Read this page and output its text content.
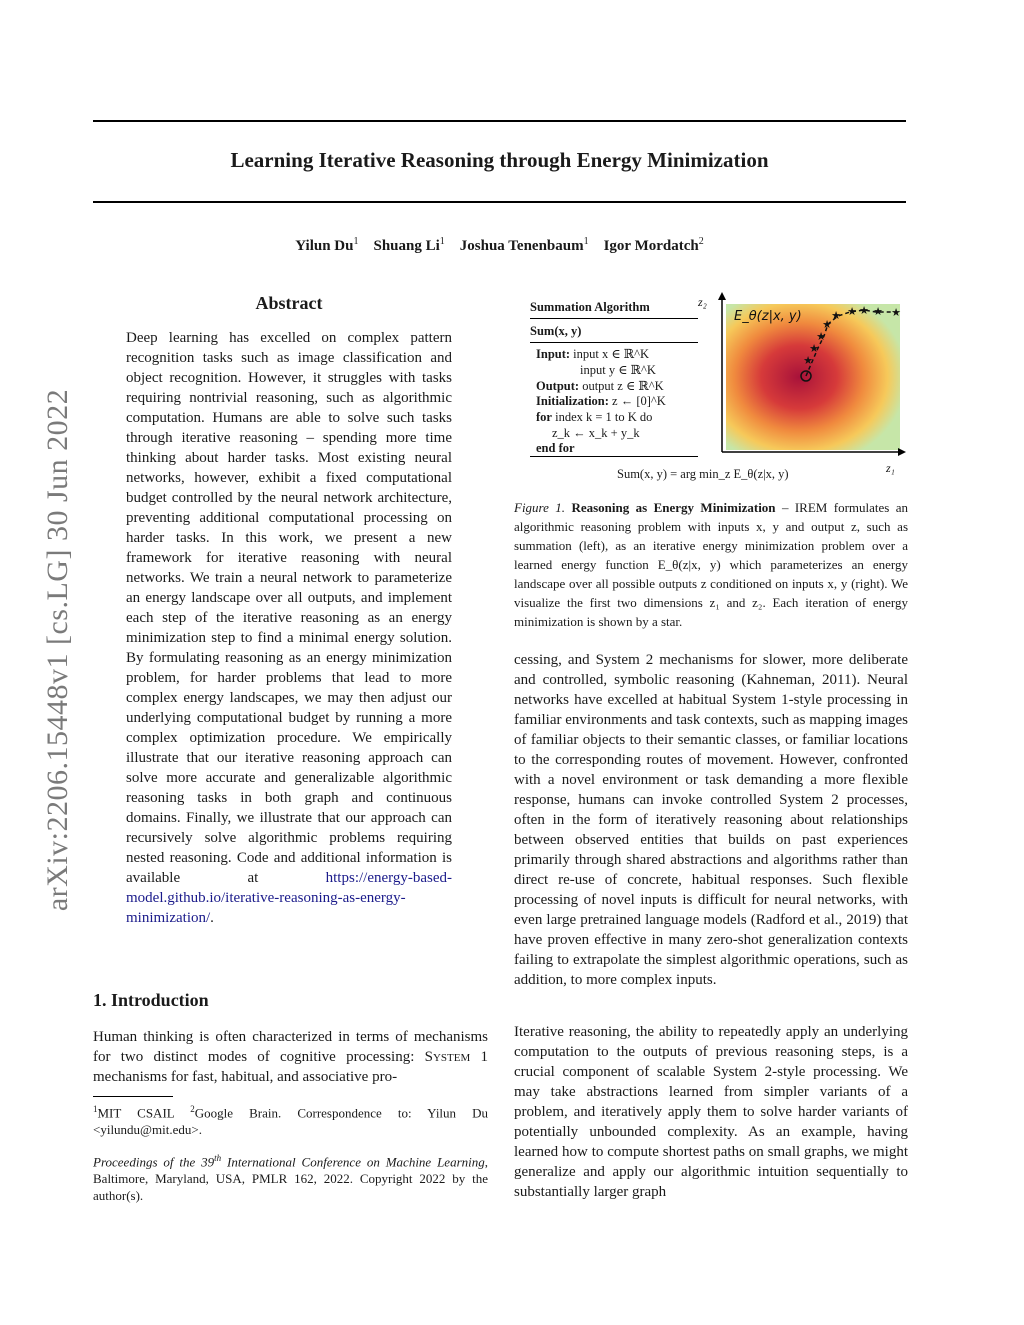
arXiv:2206.15448v1 [cs.LG] 30 Jun 2022
Learning Iterative Reasoning through Energy Minimization
Yilun Du$^1$ Shuang Li$^1$ Joshua Tenenbaum$^1$ Igor Mordatch$^2$
Abstract
Deep learning has excelled on complex pattern recognition tasks such as image classification and object recognition. However, it struggles with tasks requiring nontrivial reasoning, such as algorithmic computation. Humans are able to solve such tasks through iterative reasoning – spending more time thinking about harder tasks. Most existing neural networks, however, exhibit a fixed computational budget controlled by the neural network architecture, preventing additional computational processing on harder tasks. In this work, we present a new framework for iterative reasoning with neural networks. We train a neural network to parameterize an energy landscape over all outputs, and implement each step of the iterative reasoning as an energy minimization step to find a minimal energy solution. By formulating reasoning as an energy minimization problem, for harder problems that lead to more complex energy landscapes, we may then adjust our underlying computational budget by running a more complex optimization procedure. We empirically illustrate that our iterative reasoning approach can solve more accurate and generalizable algorithmic reasoning tasks in both graph and continuous domains. Finally, we illustrate that our approach can recursively solve algorithmic problems requiring nested reasoning. Code and additional information is available at https://energy-based-model.github.io/iterative-reasoning-as-energy-minimization/.
1. Introduction
Human thinking is often characterized in terms of mechanisms for two distinct modes of cognitive processing: System 1 mechanisms for fast, habitual, and associative pro-
$^1$MIT CSAIL $^2$Google Brain. Correspondence to: Yilun Du <yilundu@mit.edu>.
Proceedings of the 39th International Conference on Machine Learning, Baltimore, Maryland, USA, PMLR 162, 2022. Copyright 2022 by the author(s).
Summation Algorithm
Sum(x, y)
Input: input x ∈ ℝ^K
input y ∈ ℝ^K
Output: output z ∈ ℝ^K
Initialization: z ← [0]^K
for index k = 1 to K do
z_k ← x_k + y_k
end for
Sum(x, y) = arg min_z E_θ(z|x, y)
★
★
★
★
★ ★ ★ ★ ★
E_θ(z|x, y)
z₂
z₁
Figure 1. Reasoning as Energy Minimization – IREM formulates an algorithmic reasoning problem with inputs x, y and output z, such as summation (left), as an iterative energy minimization problem over a learned energy function E_θ(z|x, y) which parameterizes an energy landscape over all possible outputs z conditioned on inputs x, y (right). We visualize the first two dimensions z₁ and z₂. Each iteration of energy minimization is shown by a star.
cessing, and System 2 mechanisms for slower, more deliberate and controlled, symbolic reasoning (Kahneman, 2011). Neural networks have excelled at habitual System 1-style processing in familiar environments and task contexts, such as mapping images of familiar objects to their semantic classes, or familiar locations to the corresponding routes of movement. However, confronted with a novel environment or task demanding a more flexible response, humans can invoke controlled System 2 processes, often in the form of iteratively reasoning about relationships between observed entities that builds on past experiences primarily through shared abstractions and algorithms rather than direct re-use of concrete, habitual responses. Such flexible processing of novel inputs is difficult for neural networks, with even large pretrained language models (Radford et al., 2019) that have proven effective in many zero-shot generalization contexts failing to extrapolate the simplest algorithmic operations, such as addition, to more complex inputs.
Iterative reasoning, the ability to repeatedly apply an underlying computation to the outputs of previous reasoning steps, is a crucial component of scalable System 2-style processing. We may take abstractions learned from simpler variants of a problem, and iteratively apply them to solve harder variants of potentially unbounded complexity. As an example, having learned how to compute shortest paths on small graphs, we might generalize and apply our algorithmic intuition sequentially to substantially larger graph
